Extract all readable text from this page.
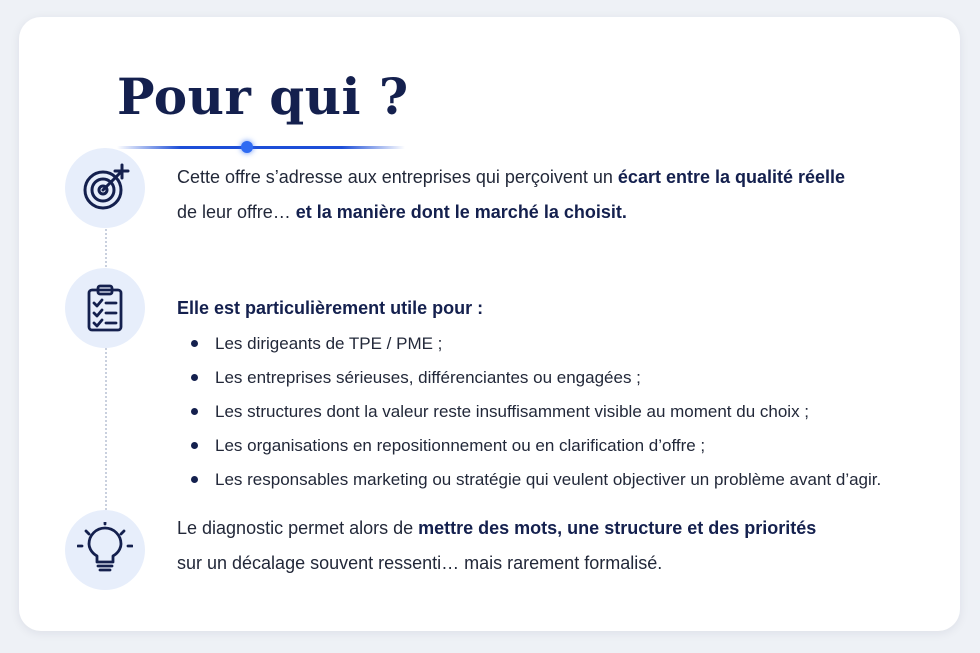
Pour qui ?

Cette offre s’adresse aux entreprises qui perçoivent un écart entre la qualité réelle
de leur offre… et la manière dont le marché la choisit.

Elle est particulièrement utile pour :

Les dirigeants de TPE / PME ;
Les entreprises sérieuses, différenciantes ou engagées ;
Les structures dont la valeur reste insuffisamment visible au moment du choix ;
Les organisations en repositionnement ou en clarification d’offre ;
Les responsables marketing ou stratégie qui veulent objectiver un problème avant d’agir.

Le diagnostic permet alors de mettre des mots, une structure et des priorités
sur un décalage souvent ressenti… mais rarement formalisé.
